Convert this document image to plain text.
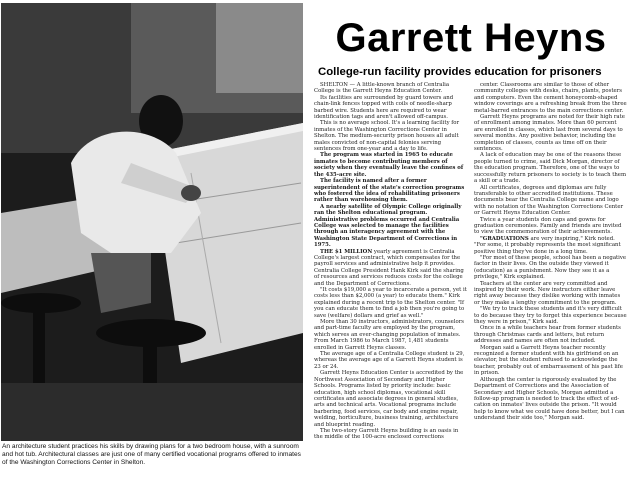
An architecture student practices his skills by drawing plans for a two bedroom house, with a sunroom and hot tub. Architectural classes are just one of many certified vocational programs offered to inmates of the Washington Corrections Center in Shelton.
Garrett Heyns
College-run facility provides education for prisoners

SHELTON — A little-known branch of Centralia College is the Garrett Heyns Education Center.

Its facilities are surrounded by guard towers and chain-link fences topped with coils of needle-sharp barbed wire. Students here are required to wear identification tags and aren't allowed off-campus.

This is no average school. It's a learning facility for inmates of the Washington Corrections Center in Shelton. The medium-security prison houses all adult males convicted of non-capital felonies serving sentences from one-year and a day to life.

The program was started in 1965 to educate inmates to become contributing members of society when they eventually leave the confines of the 435-acre site.

The facility is named after a former superintendent of the state's correction programs who fostered the idea of rehabilitating prisoners rather than warehousing them.

A nearby satellite of Olympic College originally ran the Shelton educational program. Administrative problems occurred and Centralia College was selected to manage the facilities through an interagency agreement with the Washington State Department of Corrections in 1975.

THE $1 MILLION yearly agreement is Centralia College's largest contract, which compensates for the payroll services and administrative help it provides. Centralia College President Hank Kirk said the sharing of resources and services reduces costs for the college and the Department of Corrections.

"It costs $19,000 a year to incarcerate a person, yet it costs less than $2,000 (a year) to educate them." Kirk explained during a recent trip to the Shelton center. "If you can educate them to find a job then you're going to save (welfare) dollars and grief as well."

More than 30 instructors, administrators, counselors and part-time faculty are employed by the program, which serves an ever-changing population of inmates. From March 1986 to March 1987, 1,481 students enrolled in Garrett Heyns classes.

The average age of a Centralia College student is 29, whereas the average age of a Garrett Heyns student is 23 or 24.

Garrett Heyns Education Center is accredited by the Northwest Association of Secondary and Higher Schools. Programs listed by priority include: basic education, high school diplomas, vocational skill certificates and associate degrees in general studies, arts and technical arts. Vocational programs include barbering, food services, car body and engine repair, welding, horticulture, business training, architecture and blueprint reading.

The two-story Garrett Heyns building is an oasis in the middle of the 100-acre enclosed corrections

center. Classrooms are similar to those of other community colleges with desks, chairs, plants, posters and computers. Even the cement honeycomb-shaped window coverings are a refreshing break from the three metal-barred entrances to the main corrections center.

Garrett Heyns programs are noted for their high rate of enrollment among inmates. More than 60 percent are enrolled in classes, which last from several days to several months. Any positive behavior, including the completion of classes, counts as time off on their sentences.

A lack of education may be one of the reasons these people turned to crime, said Dick Morgan, director of the education program. Therefore, one of the ways to successfully return prisoners to society is to teach them a skill or a trade.

All certificates, degrees and diplomas are fully transferable to other accredited institutions. These documents bear the Centralia College name and logo with no notation of the Washington Corrections Center or Garrett Heyns Education Center.

Twice a year students don caps and gowns for graduation ceremonies. Family and friends are invited to view the commemoration of their achievements.

"GRADUATIONS are very inspiring," Kirk noted. "For some, it probably represents the most significant positive thing they've done in a long time.

"For most of these people, school has been a negative factor in their lives. On the outside they viewed it (education) as a punishment. Now they see it as a privilege," Kirk explained.

Teachers at the center are very committed and inspired by their work. New instructors either leave right away because they dislike working with inmates or they make a lengthy commitment to the program.

"We try to track these students and it's very difficult to do because they try to forget this experience because they were in prison," Kirk said.

Once in a while teachers hear from former students through Christmas cards and letters, but return addresses and names are often not included.

Morgan said a Garrett Heyns teacher recently recognized a former student with his girlfriend on an elevator, but the student refused to acknowledge the teacher, probably out of embarrassment of his past life in prison.

Although the center is rigorously evaluated by the Department of Corrections and the Association of Secondary and Higher Schools, Morgan admitted a follow-up program is needed to track the effect of ed-cation on inmates' lives outside the prison. "It would help to know what we could have done better, but I can understand their side too," Morgan said.
